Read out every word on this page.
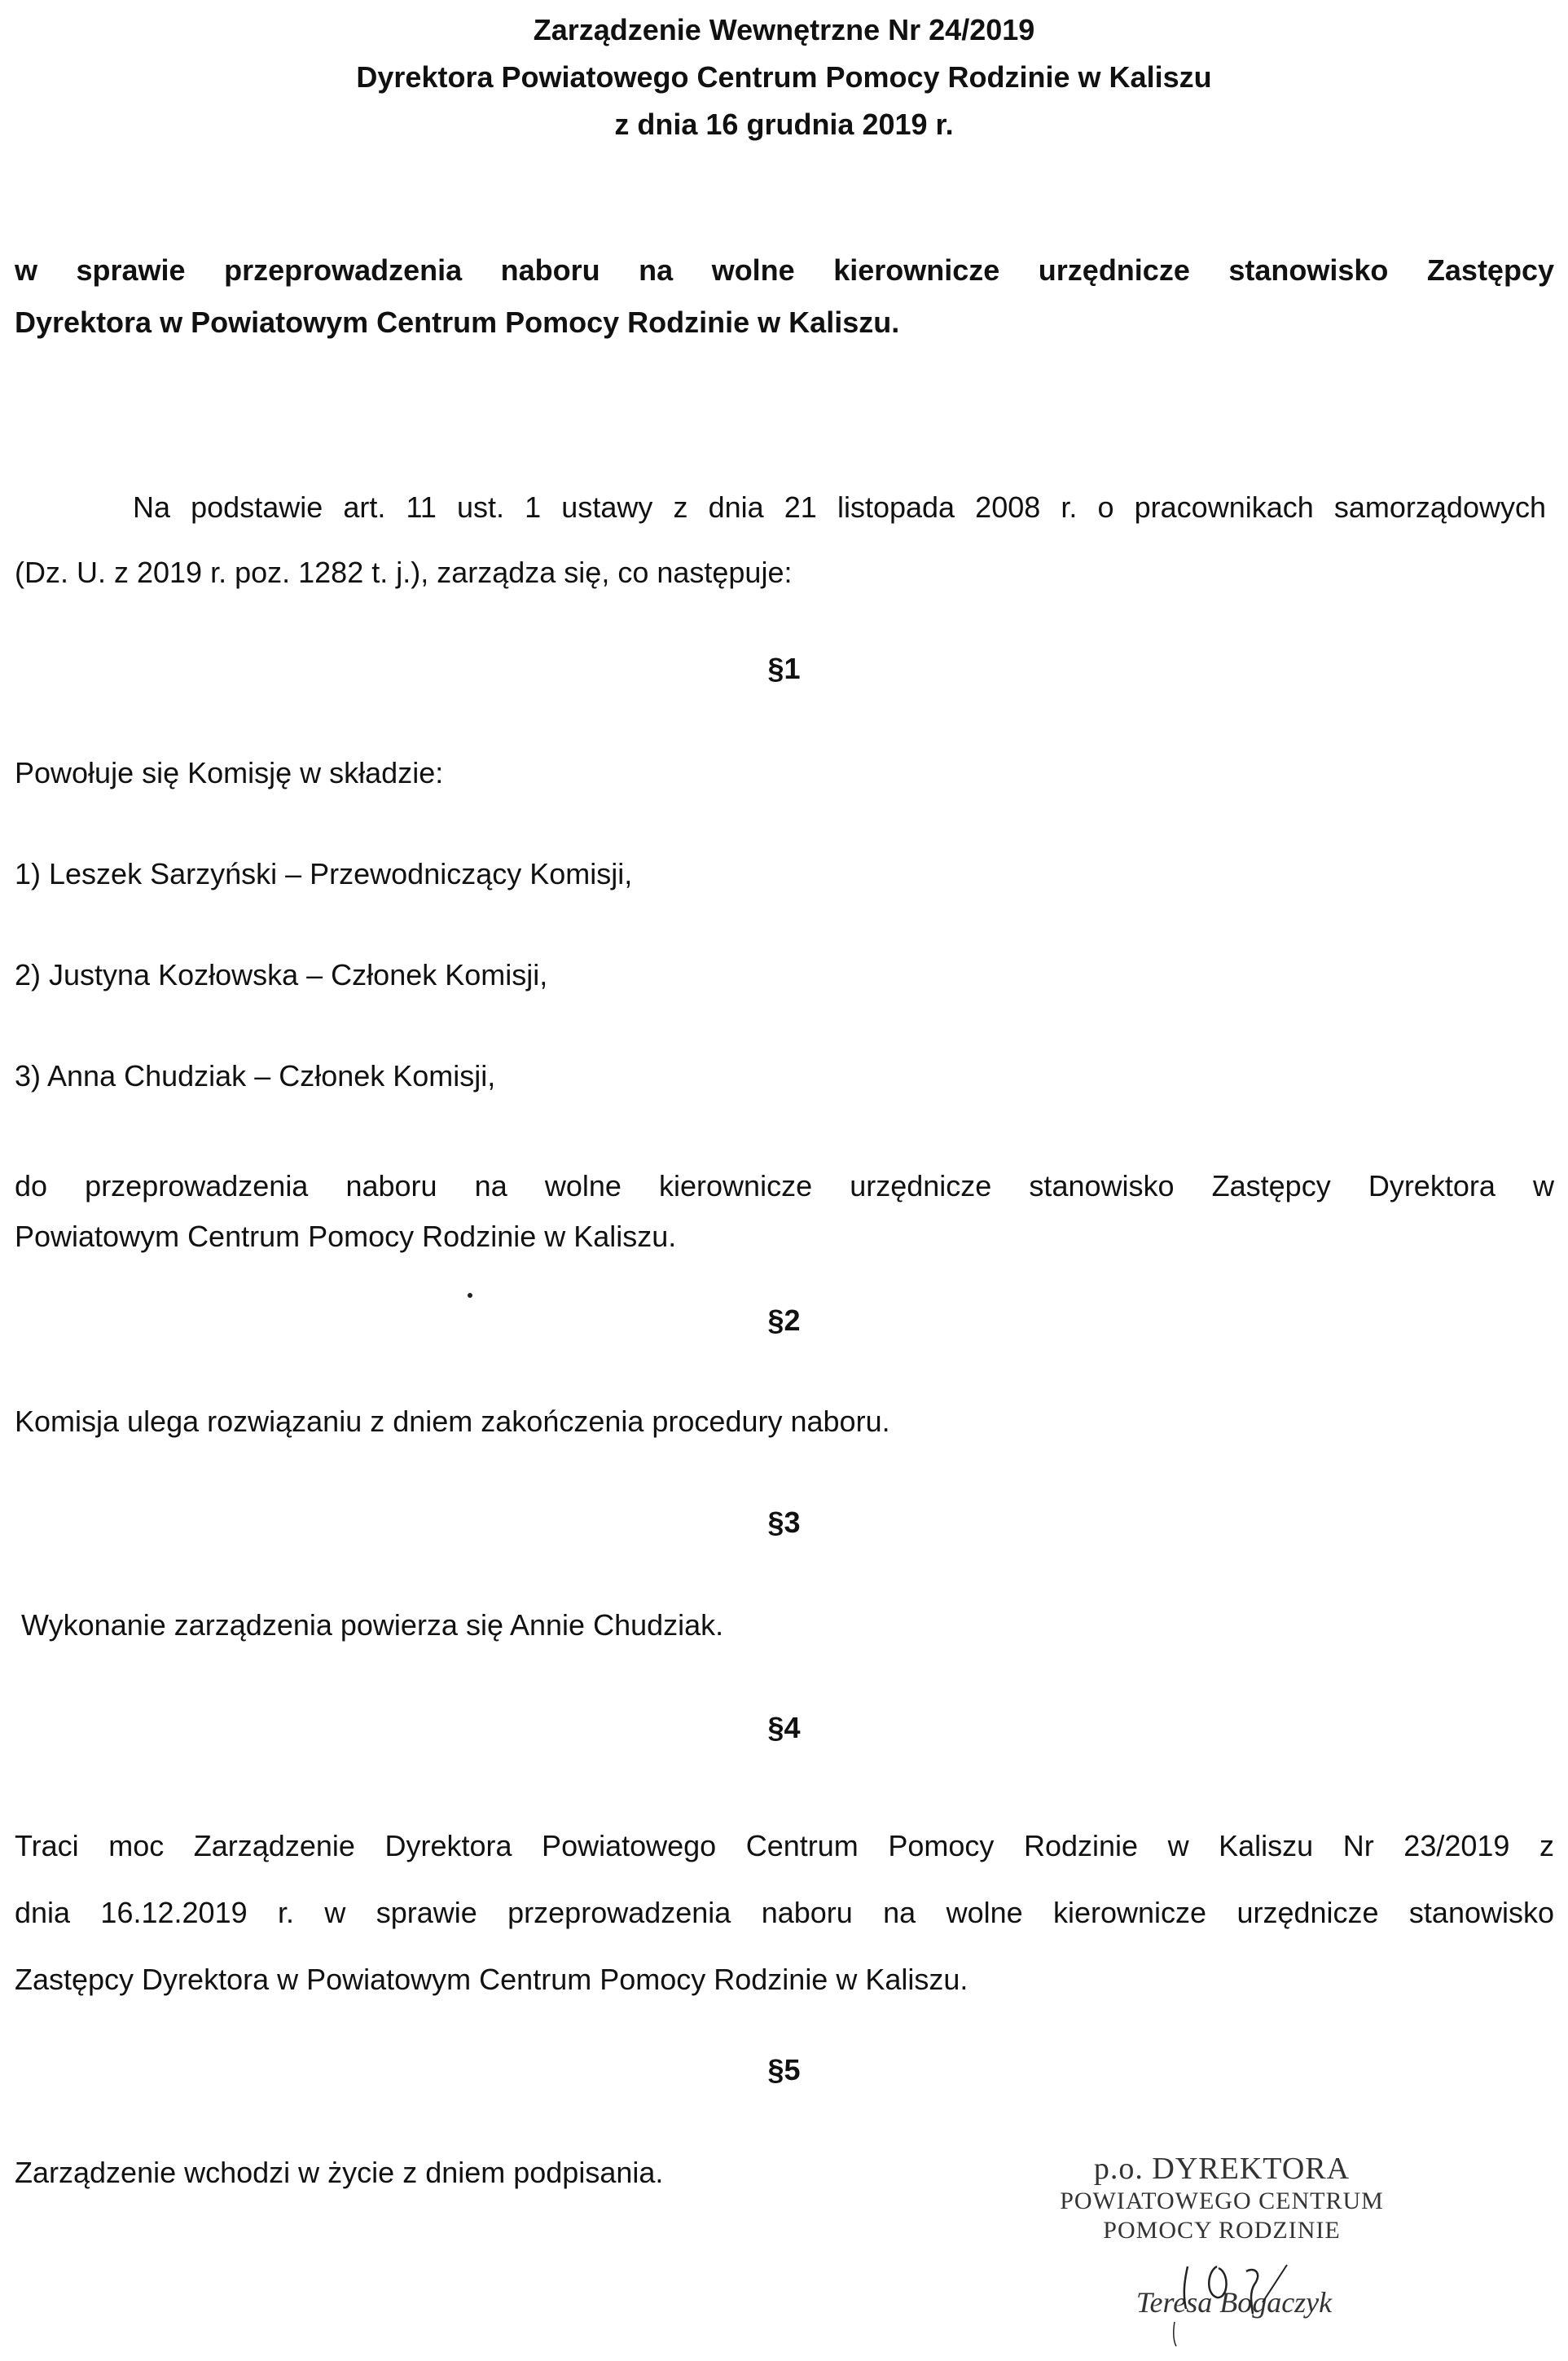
Zarządzenie Wewnętrzne Nr 24/2019
Dyrektora Powiatowego Centrum Pomocy Rodzinie w Kaliszu
z dnia 16 grudnia 2019 r.
w sprawie przeprowadzenia naboru na wolne kierownicze urzędnicze stanowisko Zastępcy
Dyrektora w Powiatowym Centrum Pomocy Rodzinie w Kaliszu.
Na podstawie art. 11 ust. 1 ustawy z dnia 21 listopada 2008 r. o pracownikach samorządowych
(Dz. U. z 2019 r. poz. 1282 t. j.), zarządza się, co następuje:
§1
Powołuje się Komisję w składzie:
1) Leszek Sarzyński – Przewodniczący Komisji,
2) Justyna Kozłowska – Członek Komisji,
3) Anna Chudziak – Członek Komisji,
do przeprowadzenia naboru na wolne kierownicze urzędnicze stanowisko Zastępcy Dyrektora w
Powiatowym Centrum Pomocy Rodzinie w Kaliszu.
§2
Komisja ulega rozwiązaniu z dniem zakończenia procedury naboru.
§3
Wykonanie zarządzenia powierza się Annie Chudziak.
§4
Traci moc Zarządzenie Dyrektora Powiatowego Centrum Pomocy Rodzinie w Kaliszu Nr 23/2019 z
dnia 16.12.2019 r. w sprawie przeprowadzenia naboru na wolne kierownicze urzędnicze stanowisko
Zastępcy Dyrektora w Powiatowym Centrum Pomocy Rodzinie w Kaliszu.
§5
Zarządzenie wchodzi w życie z dniem podpisania.	p.o. DYREKTORA
POWIATOWEGO CENTRUM
POMOCY RODZINIE
Teresa Bogaczyk
